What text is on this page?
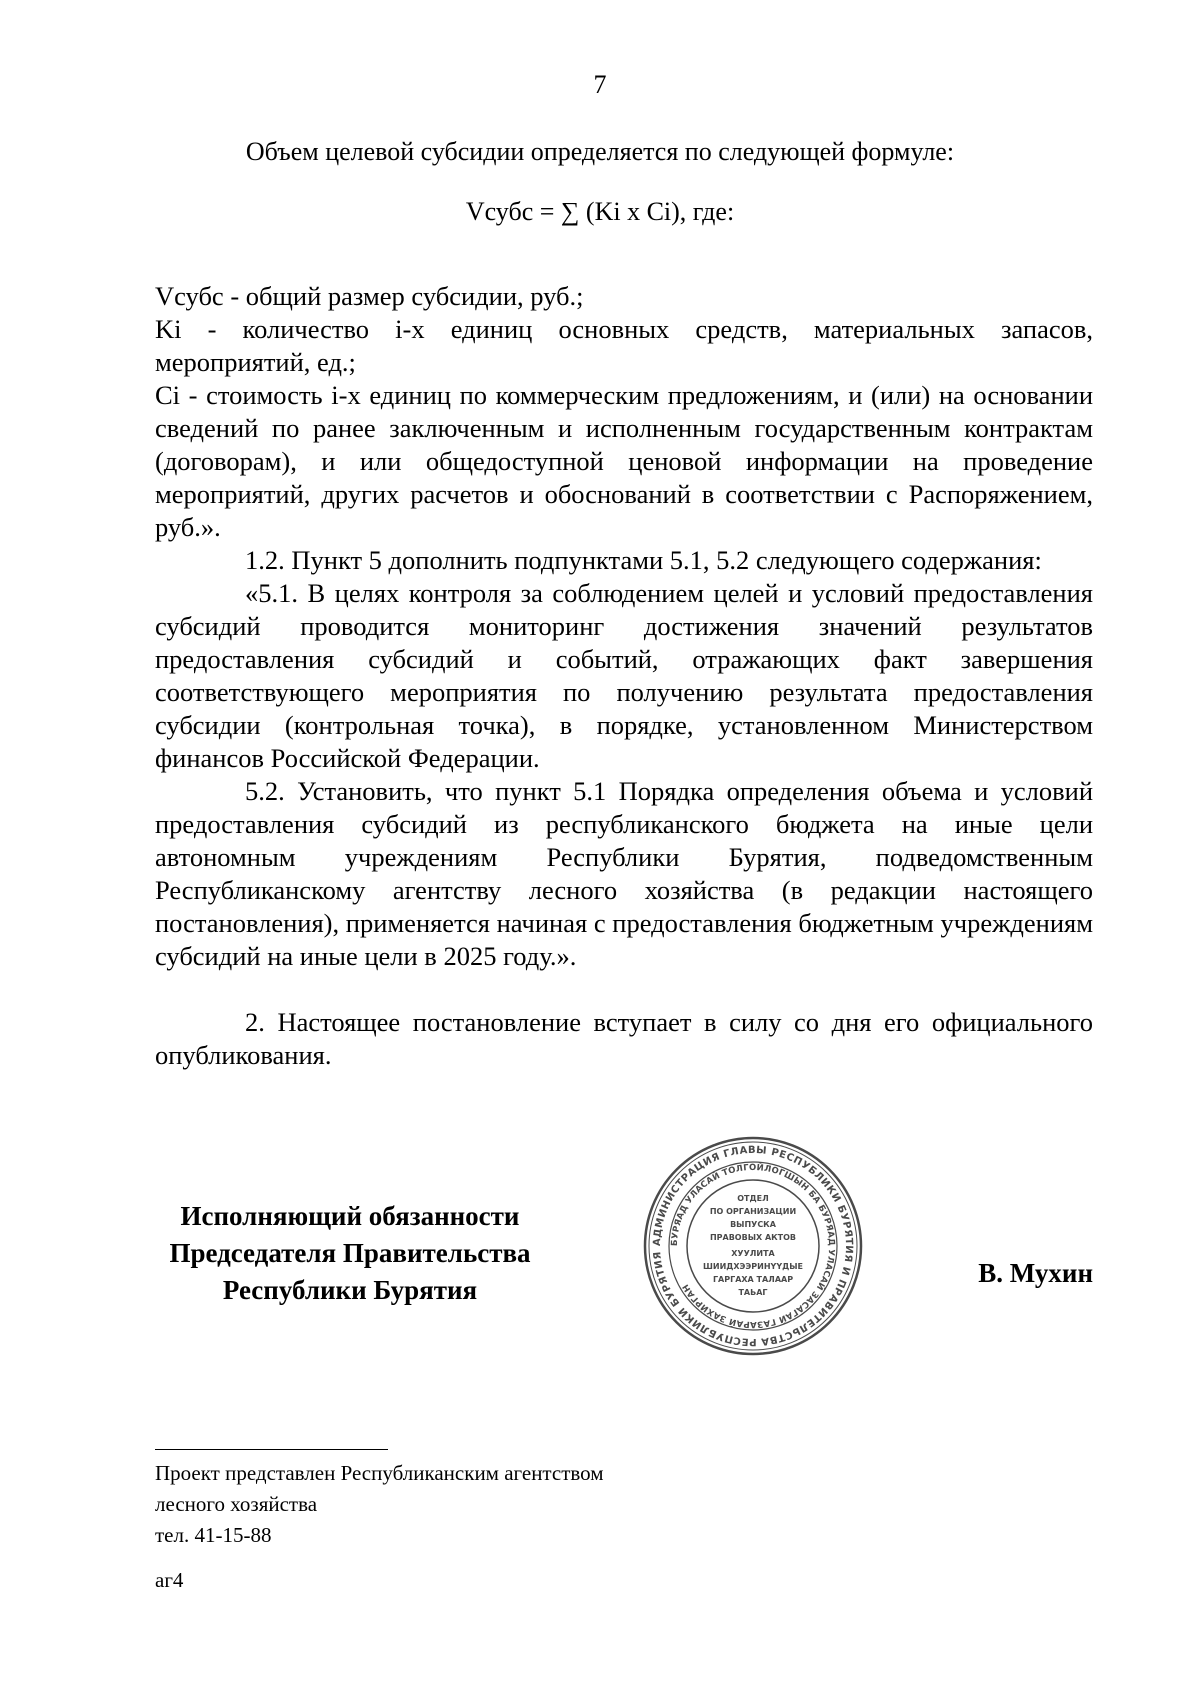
7
Объем целевой субсидии определяется по следующей формуле:
Vсубс = ∑ (Ki x Ci), где:

Vсубс - общий размер субсидии, руб.;

Ki - количество i-х единиц основных средств, материальных запасов, мероприятий, ед.;

Ci - стоимость i-х единиц по коммерческим предложениям, и (или) на основании сведений по ранее заключенным и исполненным государственным контрактам (договорам), и или общедоступной ценовой информации на проведение мероприятий, других расчетов и обоснований в соответствии с Распоряжением, руб.».

1.2. Пункт 5 дополнить подпунктами 5.1, 5.2 следующего содержания:

«5.1. В целях контроля за соблюдением целей и условий предоставления субсидий проводится мониторинг достижения значений результатов предоставления субсидий и событий, отражающих факт завершения соответствующего мероприятия по получению результата предоставления субсидии (контрольная точка), в порядке, установленном Министерством финансов Российской Федерации.

5.2. Установить, что пункт 5.1 Порядка определения объема и условий предоставления субсидий из республиканского бюджета на иные цели автономным учреждениям Республики Бурятия, подведомственным Республиканскому агентству лесного хозяйства (в редакции настоящего постановления), применяется начиная с предоставления бюджетным учреждениям субсидий на иные цели в 2025 году.».

2. Настоящее постановление вступает в силу со дня его официального опубликования.

Исполняющий обязанности
Председателя Правительства
Республики Бурятия
АДМИНИСТРАЦИЯ ГЛАВЫ РЕСПУБЛИКИ БУРЯТИЯ И ПРАВИТЕЛЬСТВА РЕСПУБЛИКИ БУРЯТИЯ
БУРЯАД УЛАСАЙ ТОЛГОЙЛОГШЫН БА БУРЯАД УЛАСАЙ ЗАСАГАЙ ГАЗАРАЙ ЗАХИРГАН
ОТДЕЛ
ПО ОРГАНИЗАЦИИ
ВЫПУСКА
ПРАВОВЫХ АКТОВ
ХУУЛИТА
ШИИДХЭЭРИНҮҮДЫЕ
ГАРГАХА ТАЛААР
ТАЬАГ
В. Мухин
Проект представлен Республиканским агентством
лесного хозяйства
тел. 41-15-88
аг4
